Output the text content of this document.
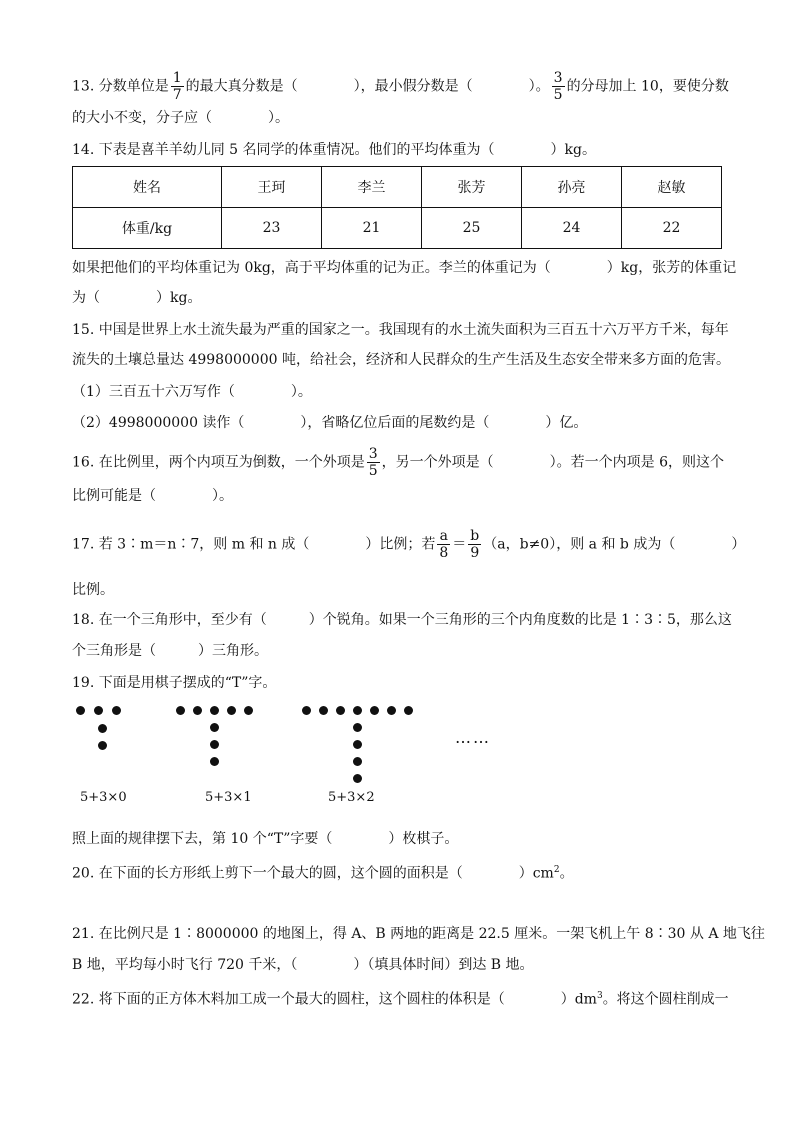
13. 分数单位是 $\frac{1}{7}$ 的最大真分数是（　　　　），最小假分数是（　　　　）。 $\frac{3}{5}$ 的分母加上 10，要使分数
的大小不变，分子应（　　　　）。
14. 下表是喜羊羊幼儿同 5 名同学的体重情况。他们的平均体重为（　　　　）kg。
姓名	王珂	李兰	张芳	孙亮	赵敏
体重/kg	23	21	25	24	22
如果把他们的平均体重记为 0kg，高于平均体重的记为正。李兰的体重记为（　　　　）kg，张芳的体重记
为（　　　　）kg。
15. 中国是世界上水土流失最为严重的国家之一。我国现有的水土流失面积为三百五十六万平方千米，每年
流失的土壤总量达 4998000000 吨，给社会，经济和人民群众的生产生活及生态安全带来多方面的危害。
（1）三百五十六万写作（　　　　）。
（2）4998000000 读作（　　　　），省略亿位后面的尾数约是（　　　　）亿。
16. 在比例里，两个内项互为倒数，一个外项是 $\frac{3}{5}$ ，另一个外项是（　　　　）。若一个内项是 6，则这个
比例可能是（　　　　）。
17. 若 3∶m＝n∶7，则 m 和 n 成（　　　　）比例；若 $\frac{a}{8} = \frac{b}{9} (a$，b≠0），则 a 和 b 成为（　　　　）
比例。
18. 在一个三角形中，至少有（　　　）个锐角。如果一个三角形的三个内角度数的比是 1∶3∶5，那么这
个三角形是（　　　）三角形。
19. 下面是用棋子摆成的“T”字。
……
5+3×0	5+3×1	5+3×2
照上面的规律摆下去，第 10 个“T”字要（　　　　）枚棋子。
20. 在下面的长方形纸上剪下一个最大的圆，这个圆的面积是（　　　　）$cm^2$。
21. 在比例尺是 1∶8000000 的地图上，得 A、B 两地的距离是 22.5 厘米。一架飞机上午 8∶30 从 A 地飞往
B 地，平均每小时飞行 720 千米，（　　　　）（填具体时间）到达 B 地。
22. 将下面的正方体木料加工成一个最大的圆柱，这个圆柱的体积是（　　　　）$dm^3$。将这个圆柱削成一
